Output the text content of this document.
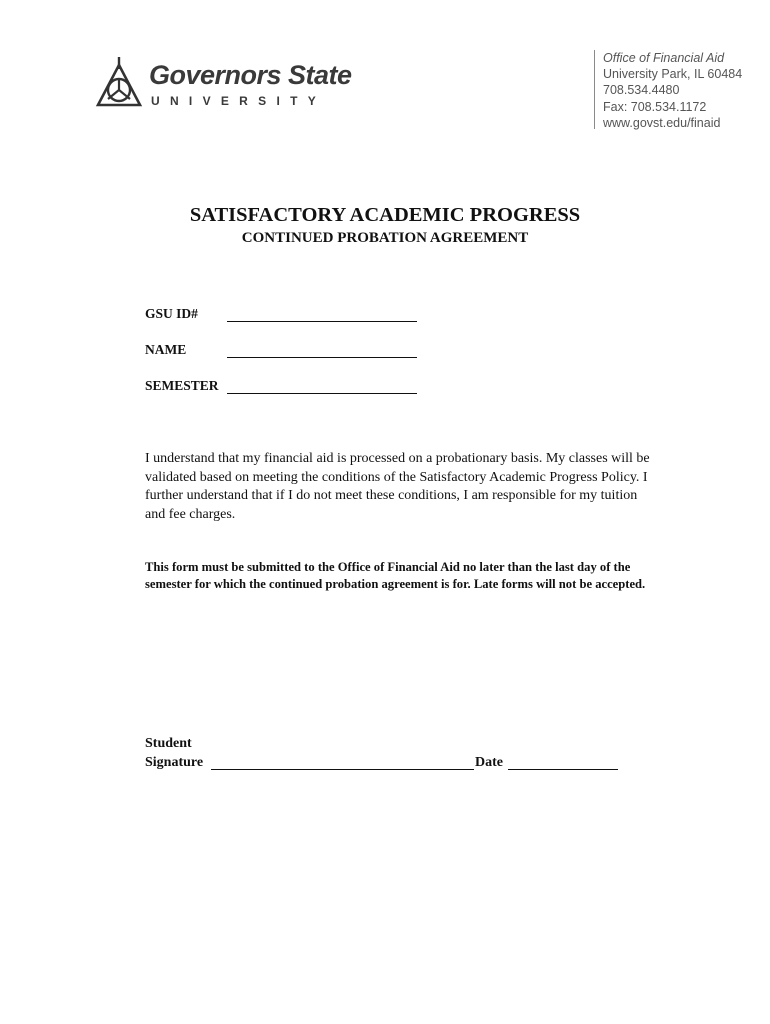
Governors State
UNIVERSITY
Office of Financial Aid
University Park, IL 60484
708.534.4480
Fax: 708.534.1172
www.govst.edu/finaid
SATISFACTORY ACADEMIC PROGRESS
CONTINUED PROBATION AGREEMENT
GSU ID#
NAME
SEMESTER
I understand that my financial aid is processed on a probationary basis. My classes will be validated based on meeting the conditions of the Satisfactory Academic Progress Policy. I further understand that if I do not meet these conditions, I am responsible for my tuition and fee charges.
This form must be submitted to the Office of Financial Aid no later than the last day of the semester for which the continued probation agreement is for. Late forms will not be accepted.
Student
Signature	Date
